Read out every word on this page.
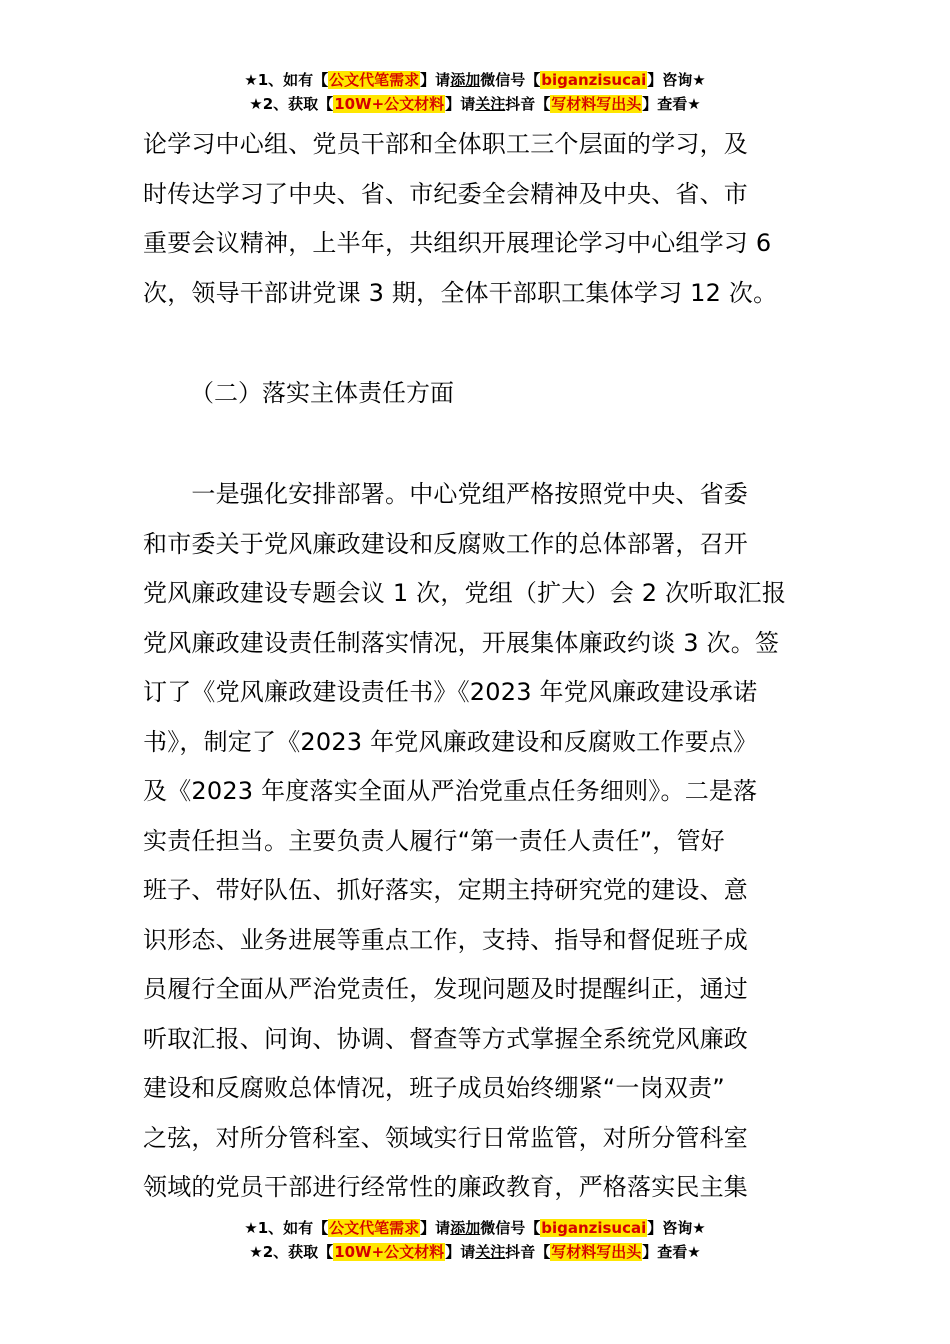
★1、如有【公文代笔需求】请添加微信号【biganzisucai】咨询★
★2、获取【10W+公文材料】请关注抖音【写材料写出头】查看★
论学习中心组、党员干部和全体职工三个层面的学习，及
时传达学习了中央、省、市纪委全会精神及中央、省、市
重要会议精神，上半年，共组织开展理论学习中心组学习 6
次，领导干部讲党课 3 期，全体干部职工集体学习 12 次。
（二）落实主体责任方面
　　一是强化安排部署。中心党组严格按照党中央、省委
和市委关于党风廉政建设和反腐败工作的总体部署，召开
党风廉政建设专题会议 1 次，党组（扩大）会 2 次听取汇报
党风廉政建设责任制落实情况，开展集体廉政约谈 3 次。签
订了《党风廉政建设责任书》《2023 年党风廉政建设承诺
书》，制定了《2023 年党风廉政建设和反腐败工作要点》
及《2023 年度落实全面从严治党重点任务细则》。二是落
实责任担当。主要负责人履行“第一责任人责任”，管好
班子、带好队伍、抓好落实，定期主持研究党的建设、意
识形态、业务进展等重点工作，支持、指导和督促班子成
员履行全面从严治党责任，发现问题及时提醒纠正，通过
听取汇报、问询、协调、督查等方式掌握全系统党风廉政
建设和反腐败总体情况，班子成员始终绷紧“一岗双责”
之弦，对所分管科室、领域实行日常监管，对所分管科室
领域的党员干部进行经常性的廉政教育，严格落实民主集
★1、如有【公文代笔需求】请添加微信号【biganzisucai】咨询★
★2、获取【10W+公文材料】请关注抖音【写材料写出头】查看★
